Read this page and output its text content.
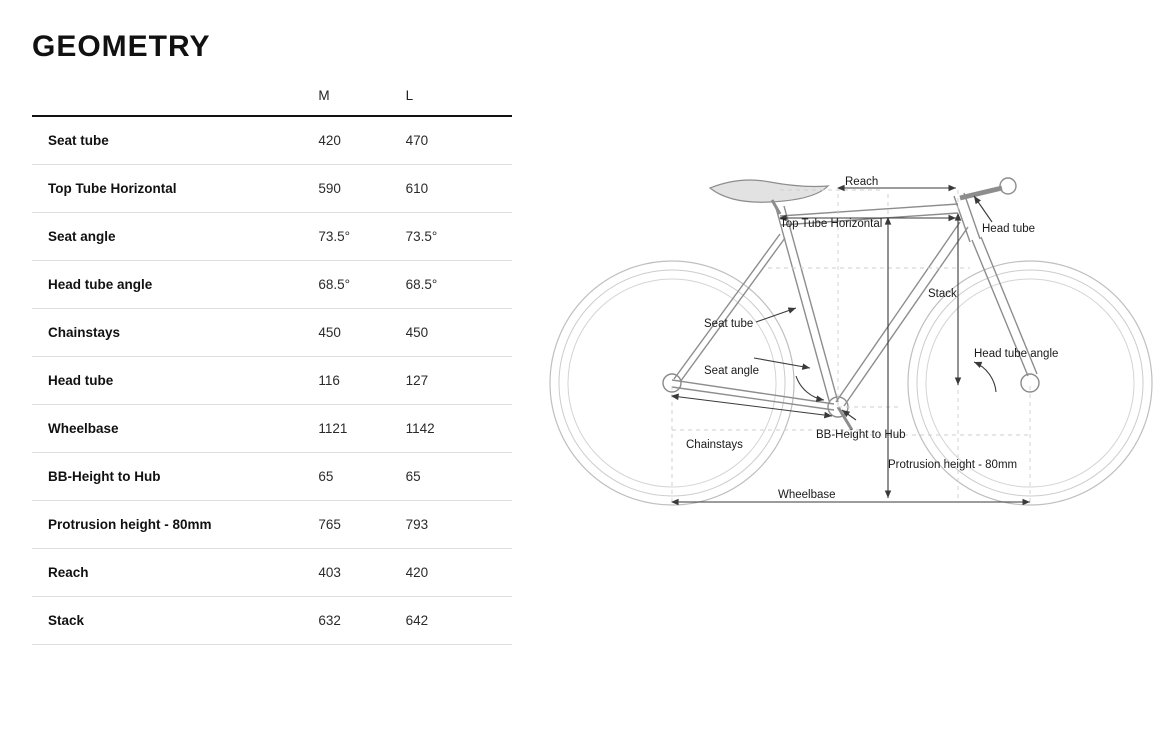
GEOMETRY
	M	L
Seat tube	420	470
Top Tube Horizontal	590	610
Seat angle	73.5°	73.5°
Head tube angle	68.5°	68.5°
Chainstays	450	450
Head tube	116	127
Wheelbase	1121	1142
BB-Height to Hub	65	65
Protrusion height - 80mm	765	793
Reach	403	420
Stack	632	642
Reach
Top Tube Horizontal	Head tube
Stack
Seat tube
Seat angle
Head tube angle
Chainstays
BB-Height to Hub
Protrusion height - 80mm
Wheelbase
